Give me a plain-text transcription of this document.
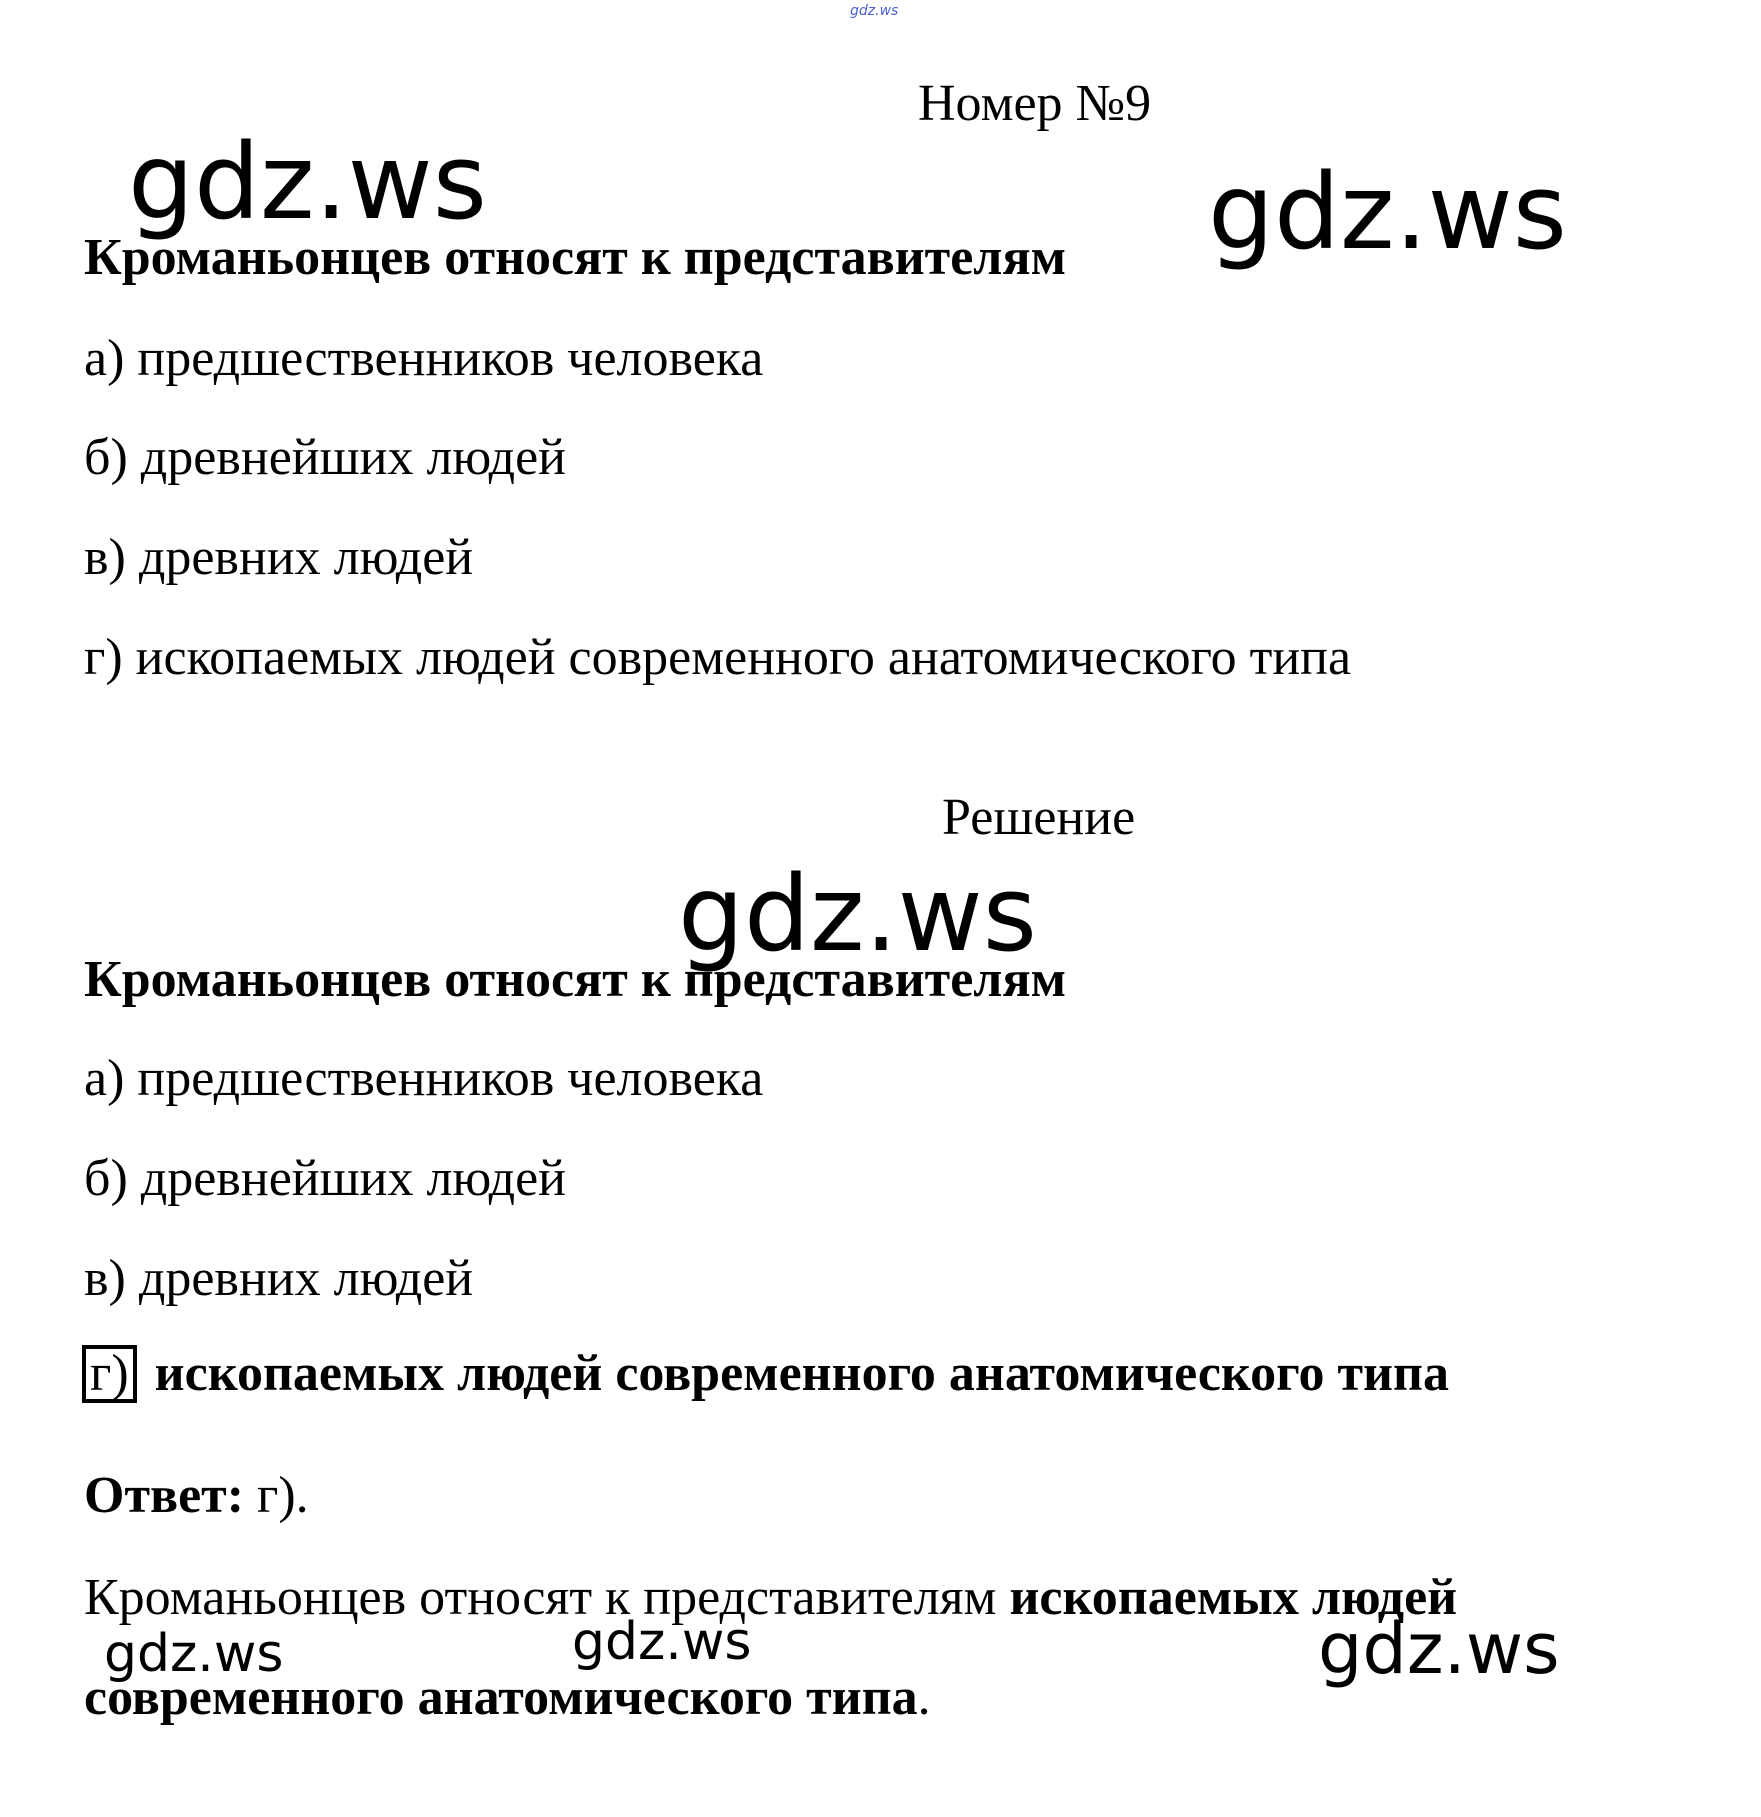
gdz.ws
Номер №9
gdz.ws	gdz.ws
Кроманьонцев относят к представителям
а) предшественников человека
б) древнейших людей
в) древних людей
г) ископаемых людей современного анатомического типа
Решение
gdz.ws
Кроманьонцев относят к представителям
а) предшественников человека
б) древнейших людей
в) древних людей
г) ископаемых людей современного анатомического типа
Ответ: г).
Кроманьонцев относят к представителям ископаемых людей
современного анатомического типа.
gdz.ws	gdz.ws	gdz.ws
